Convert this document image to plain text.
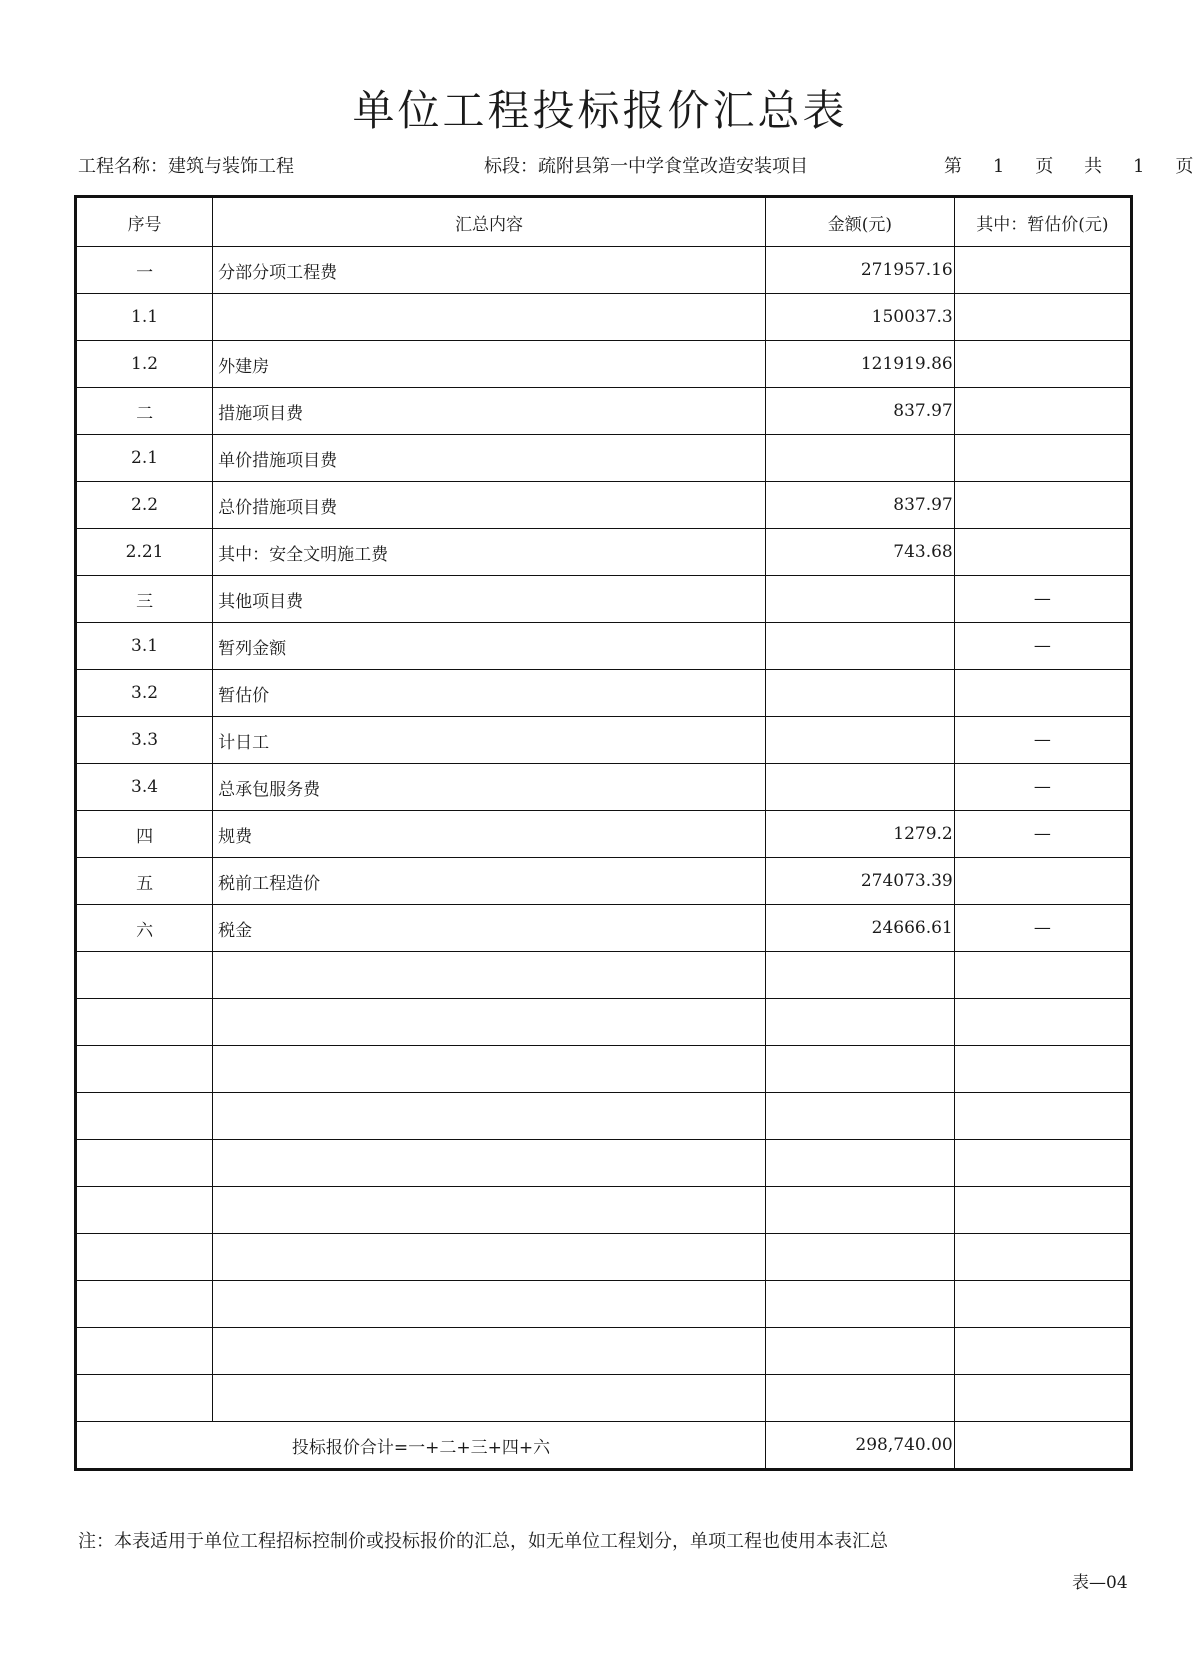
单位工程投标报价汇总表
工程名称：建筑与装饰工程	标段：疏附县第一中学食堂改造安装项目	第 1 页 共 1 页
序号	汇总内容	金额(元)	其中：暂估价(元)
一	分部分项工程费	271957.16	
1.1		150037.3	
1.2	外建房	121919.86	
二	措施项目费	837.97	
2.1	单价措施项目费		
2.2	总价措施项目费	837.97	
2.21	其中：安全文明施工费	743.68	
三	其他项目费		—
3.1	暂列金额		—
3.2	暂估价		
3.3	计日工		—
3.4	总承包服务费		—
四	规费	1279.2	—
五	税前工程造价	274073.39	
六	税金	24666.61	—

投标报价合计=一+二+三+四+六		298,740.00	
注：本表适用于单位工程招标控制价或投标报价的汇总，如无单位工程划分，单项工程也使用本表汇总
表—04
